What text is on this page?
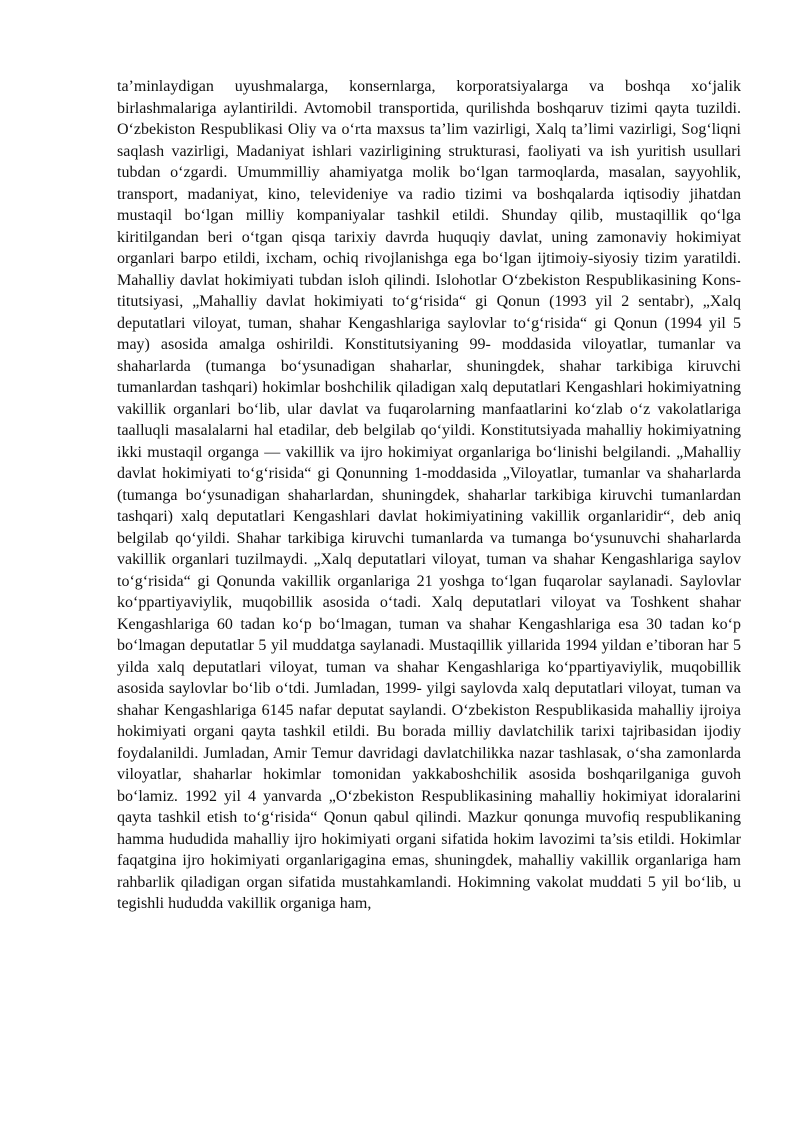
ta’minlaydigan uyushmalarga, konsernlarga, korporatsiyalarga va boshqa xo‘jalik birlashmalariga aylantirildi. Avtomobil transportida, qurilishda boshqaruv tizimi qayta tuzildi. O‘zbekiston Respublikasi Oliy va o‘rta maxsus ta’lim vazirligi, Xalq ta’limi vazirligi, Sog‘liqni saqlash vazirligi, Madaniyat ishlari vazirligining strukturasi, faoliyati va ish yuritish usullari tubdan o‘zgardi. Umummilliy ahamiyatga molik bo‘lgan tarmoqlarda, masalan, sayyohlik, transport, madaniyat, kino, televideniye va radio tizimi va boshqalarda iqtisodiy jihatdan mustaqil bo‘lgan milliy kompaniyalar tashkil etildi. Shunday qilib, mustaqillik qo‘lga kiritilgandan beri o‘tgan qisqa tarixiy davrda huquqiy davlat, uning zamonaviy hokimiyat organlari barpo etildi, ixcham, ochiq rivojlanishga ega bo‘lgan ijtimoiy-siyosiy tizim yaratildi. Mahalliy davlat hokimiyati tubdan isloh qilindi. Islohotlar O‘zbekiston Respublikasining Kons-titutsiyasi, „Mahalliy davlat hokimiyati to‘g‘risida“ gi Qonun (1993 yil 2 sentabr), „Xalq deputatlari viloyat, tuman, shahar Kengashlariga saylovlar to‘g‘risida“ gi Qonun (1994 yil 5 may) asosida amalga oshirildi. Konstitutsiyaning 99- moddasida viloyatlar, tumanlar va shaharlarda (tumanga bo‘ysunadigan shaharlar, shuningdek, shahar tarkibiga kiruvchi tumanlardan tashqari) hokimlar boshchilik qiladigan xalq deputatlari Kengashlari hokimiyatning vakillik organlari bo‘lib, ular davlat va fuqarolarning manfaatlarini ko‘zlab o‘z vakolatlariga taalluqli masalalarni hal etadilar, deb belgilab qo‘yildi. Konstitutsiyada mahalliy hokimiyatning ikki mustaqil organga — vakillik va ijro hokimiyat organlariga bo‘linishi belgilandi. „Mahalliy davlat hokimiyati to‘g‘risida“ gi Qonunning 1-moddasida „Viloyatlar, tumanlar va shaharlarda (tumanga bo‘ysunadigan shaharlardan, shuningdek, shaharlar tarkibiga kiruvchi tumanlardan tashqari) xalq deputatlari Kengashlari davlat hokimiyatining vakillik organlaridir“, deb aniq belgilab qo‘yildi. Shahar tarkibiga kiruvchi tumanlarda va tumanga bo‘ysunuvchi shaharlarda vakillik organlari tuzilmaydi. „Xalq deputatlari viloyat, tuman va shahar Kengashlariga saylov to‘g‘risida“ gi Qonunda vakillik organlariga 21 yoshga to‘lgan fuqarolar saylanadi. Saylovlar ko‘ppartiyaviylik, muqobillik asosida o‘tadi. Xalq deputatlari viloyat va Toshkent shahar Kengashlariga 60 tadan ko‘p bo‘lmagan, tuman va shahar Kengashlariga esa 30 tadan ko‘p bo‘lmagan deputatlar 5 yil muddatga saylanadi. Mustaqillik yillarida 1994 yildan e’tiboran har 5 yilda xalq deputatlari viloyat, tuman va shahar Kengashlariga ko‘ppartiyaviylik, muqobillik asosida saylovlar bo‘lib o‘tdi. Jumladan, 1999- yilgi saylovda xalq deputatlari viloyat, tuman va shahar Kengashlariga 6145 nafar deputat saylandi. O‘zbekiston Respublikasida mahalliy ijroiya hokimiyati organi qayta tashkil etildi. Bu borada milliy davlatchilik tarixi tajribasidan ijodiy foydalanildi. Jumladan, Amir Temur davridagi davlatchilikka nazar tashlasak, o‘sha zamonlarda viloyatlar, shaharlar hokimlar tomonidan yakkaboshchilik asosida boshqarilganiga guvoh bo‘lamiz. 1992 yil 4 yanvarda „O‘zbekiston Respublikasining mahalliy hokimiyat idoralarini qayta tashkil etish to‘g‘risida“ Qonun qabul qilindi. Mazkur qonunga muvofiq respublikaning hamma hududida mahalliy ijro hokimiyati organi sifatida hokim lavozimi ta’sis etildi. Hokimlar faqatgina ijro hokimiyati organlarigagina emas, shuningdek, mahalliy vakillik organlariga ham rahbarlik qiladigan organ sifatida mustahkamlandi. Hokimning vakolat muddati 5 yil bo‘lib, u tegishli hududda vakillik organiga ham,
